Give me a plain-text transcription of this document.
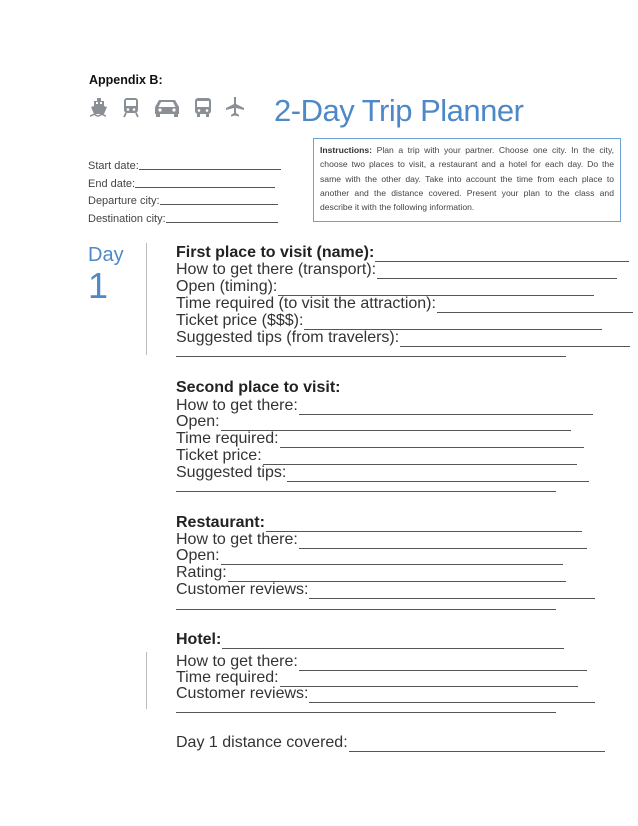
Appendix B:
2-Day Trip Planner
Start date:
End date:
Departure city:
Destination city:
Instructions: Plan a trip with your partner. Choose one city. In the city, choose two places to visit, a restaurant and a hotel for each day. Do the same with the other day. Take into account the time from each place to another and the distance covered. Present your plan to the class and describe it with the following information.
Day
1
First place to visit (name):
How to get there (transport):
Open (timing):
Time required (to visit the attraction):
Ticket price ($$$):
Suggested tips (from travelers):
Second place to visit:
How to get there:
Open:
Time required:
Ticket price:
Suggested tips:
Restaurant:
How to get there:
Open:
Rating:
Customer reviews:
Hotel:
How to get there:
Time required:
Customer reviews:
Day 1 distance covered:
